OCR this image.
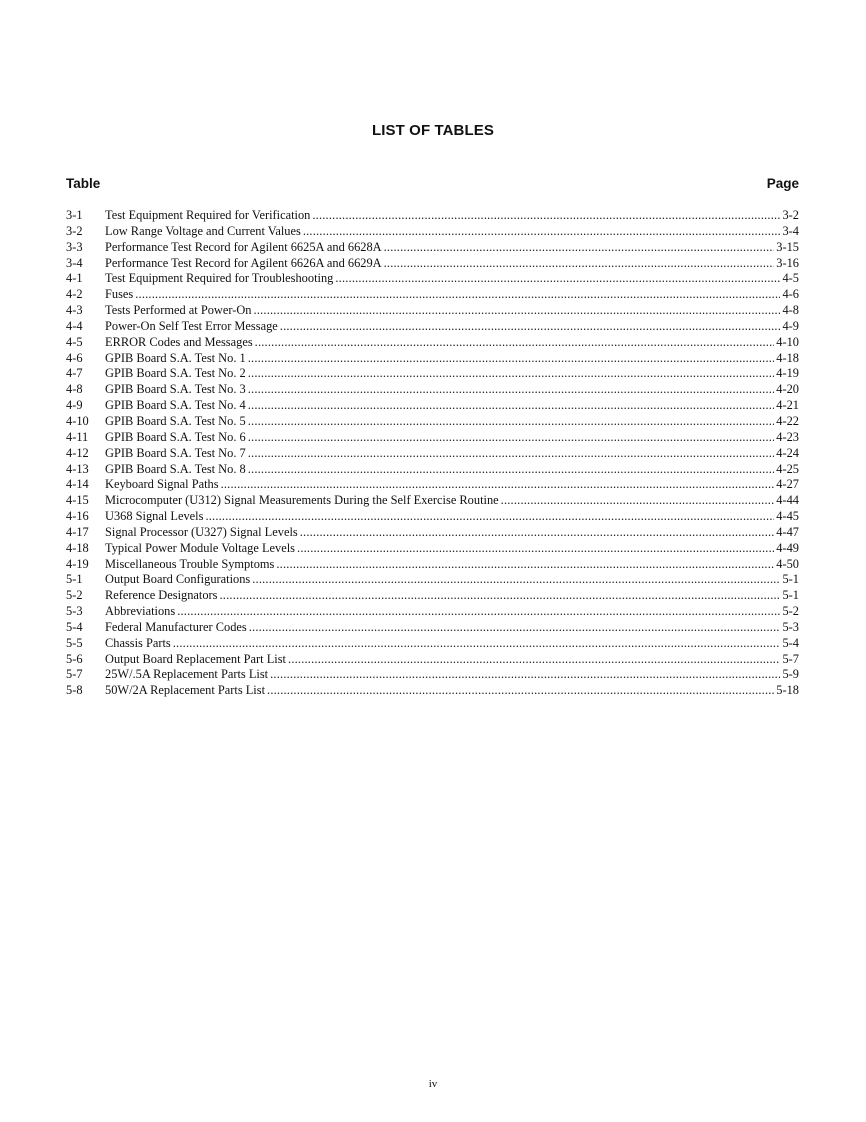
LIST OF TABLES
Table	Page
3-1	Test Equipment Required for Verification .....	3-2
3-2	Low Range Voltage and Current Values .....	3-4
3-3	Performance Test Record for Agilent 6625A and 6628A .....	3-15
3-4	Performance Test Record for Agilent 6626A and 6629A .....	3-16
4-1	Test Equipment Required for Troubleshooting .....	4-5
4-2	Fuses .....	4-6
4-3	Tests Performed at Power-On .....	4-8
4-4	Power-On Self Test Error Message .....	4-9
4-5	ERROR Codes and Messages .....	4-10
4-6	GPIB Board S.A. Test No. 1 .....	4-18
4-7	GPIB Board S.A. Test No. 2 .....	4-19
4-8	GPIB Board S.A. Test No. 3 .....	4-20
4-9	GPIB Board S.A. Test No. 4 .....	4-21
4-10	GPIB Board S.A. Test No. 5 .....	4-22
4-11	GPIB Board S.A. Test No. 6 .....	4-23
4-12	GPIB Board S.A. Test No. 7 .....	4-24
4-13	GPIB Board S.A. Test No. 8 .....	4-25
4-14	Keyboard Signal Paths .....	4-27
4-15	Microcomputer (U312) Signal Measurements During the Self Exercise Routine .....	4-44
4-16	U368 Signal Levels .....	4-45
4-17	Signal Processor (U327) Signal Levels .....	4-47
4-18	Typical Power Module Voltage Levels .....	4-49
4-19	Miscellaneous Trouble Symptoms .....	4-50
5-1	Output Board Configurations .....	5-1
5-2	Reference Designators .....	5-1
5-3	Abbreviations .....	5-2
5-4	Federal Manufacturer Codes .....	5-3
5-5	Chassis Parts .....	5-4
5-6	Output Board Replacement Part List .....	5-7
5-7	25W/.5A Replacement Parts List .....	5-9
5-8	50W/2A Replacement Parts List .....	5-18
iv
